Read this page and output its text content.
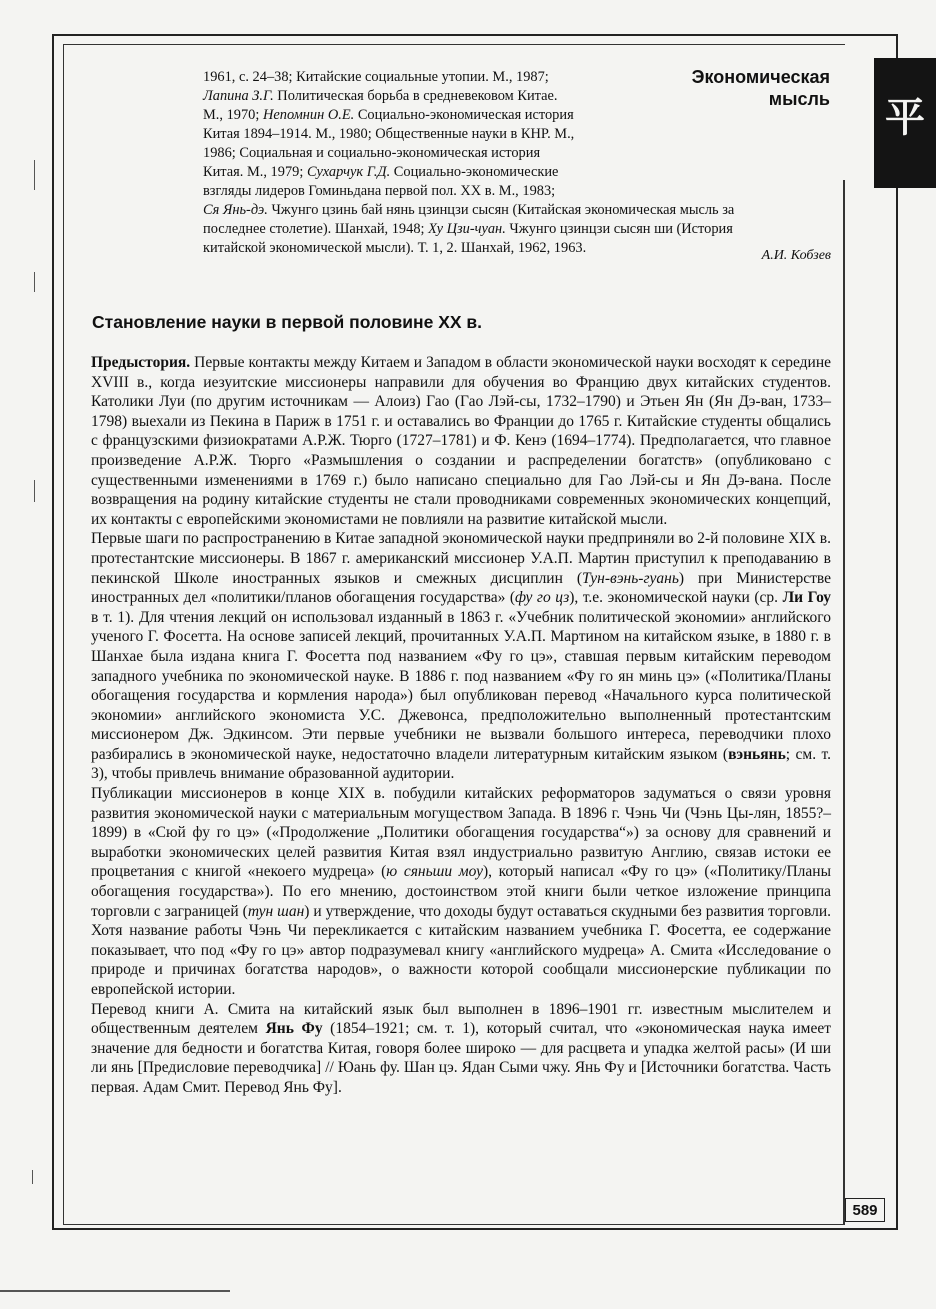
平
589
Экономическая
мысль
1961, с. 24–38; Китайские социальные утопии. М., 1987;
Лапина З.Г. Политическая борьба в средневековом Китае.
М., 1970; Непомнин О.Е. Социально-экономическая история
Китая 1894–1914. М., 1980; Общественные науки в КНР. М.,
1986; Социальная и социально-экономическая история
Китая. М., 1979; Сухарчук Г.Д. Социально-экономические
взгляды лидеров Гоминьдана первой пол. XX в. М., 1983;
Ся Янь-дэ. Чжунго цзинь бай нянь цзинцзи сысян (Китайская экономическая мысль за
последнее столетие). Шанхай, 1948; Ху Цзи-чуан. Чжунго цзинцзи сысян ши (История
китайской экономической мысли). Т. 1, 2. Шанхай, 1962, 1963.	А.И. Кобзев
Становление науки в первой половине XX в.

Предыстория. Первые контакты между Китаем и Западом в области экономической науки восходят к середине XVIII в., когда иезуитские миссионеры направили для обучения во Францию двух китайских студентов. Католики Луи (по другим источникам — Алоиз) Гао (Гао Лэй-сы, 1732–1790) и Этьен Ян (Ян Дэ-ван, 1733–1798) выехали из Пекина в Париж в 1751 г. и оставались во Франции до 1765 г. Китайские студенты общались с французскими физиократами А.Р.Ж. Тюрго (1727–1781) и Ф. Кенэ (1694–1774). Предполагается, что главное произведение А.Р.Ж. Тюрго «Размышления о создании и распределении богатств» (опубликовано с существенными изменениями в 1769 г.) было написано специально для Гао Лэй-сы и Ян Дэ-вана. После возвращения на родину китайские студенты не стали проводниками современных экономических концепций, их контакты с европейскими экономистами не повлияли на развитие китайской мысли.

Первые шаги по распространению в Китае западной экономической науки предприняли во 2-й половине XIX в. протестантские миссионеры. В 1867 г. американский миссионер У.А.П. Мартин приступил к преподаванию в пекинской Школе иностранных языков и смежных дисциплин (Тун-вэнь-гуань) при Министерстве иностранных дел «политики/планов обогащения государства» (фу го цз), т.е. экономической науки (ср. Ли Гоу в т. 1). Для чтения лекций он использовал изданный в 1863 г. «Учебник политической экономии» английского ученого Г. Фосетта. На основе записей лекций, прочитанных У.А.П. Мартином на китайском языке, в 1880 г. в Шанхае была издана книга Г. Фосетта под названием «Фу го цэ», ставшая первым китайским переводом западного учебника по экономической науке. В 1886 г. под названием «Фу го ян минь цэ» («Политика/Планы обогащения государства и кормления народа») был опубликован перевод «Начального курса политической экономии» английского экономиста У.С. Джевонса, предположительно выполненный протестантским миссионером Дж. Эдкинсом. Эти первые учебники не вызвали большого интереса, переводчики плохо разбирались в экономической науке, недостаточно владели литературным китайским языком (вэньянь; см. т. 3), чтобы привлечь внимание образованной аудитории.

Публикации миссионеров в конце XIX в. побудили китайских реформаторов задуматься о связи уровня развития экономической науки с материальным могуществом Запада. В 1896 г. Чэнь Чи (Чэнь Цы-лян, 1855?–1899) в «Сюй фу го цэ» («Продолжение „Политики обогащения государства“») за основу для сравнений и выработки экономических целей развития Китая взял индустриально развитую Англию, связав истоки ее процветания с книгой «некоего мудреца» (ю сяньши моу), который написал «Фу го цэ» («Политику/Планы обогащения государства»). По его мнению, достоинством этой книги были четкое изложение принципа торговли с заграницей (тун шан) и утверждение, что доходы будут оставаться скудными без развития торговли. Хотя название работы Чэнь Чи перекликается с китайским названием учебника Г. Фосетта, ее содержание показывает, что под «Фу го цэ» автор подразумевал книгу «английского мудреца» А. Смита «Исследование о природе и причинах богатства народов», о важности которой сообщали миссионерские публикации по европейской истории.

Перевод книги А. Смита на китайский язык был выполнен в 1896–1901 гг. известным мыслителем и общественным деятелем Янь Фу (1854–1921; см. т. 1), который считал, что «экономическая наука имеет значение для бедности и богатства Китая, говоря более широко — для расцвета и упадка желтой расы» (И ши ли янь [Предисловие переводчика] // Юань фу. Шан цэ. Ядан Сыми чжу. Янь Фу и [Источники богатства. Часть первая. Адам Смит. Перевод Янь Фу].
